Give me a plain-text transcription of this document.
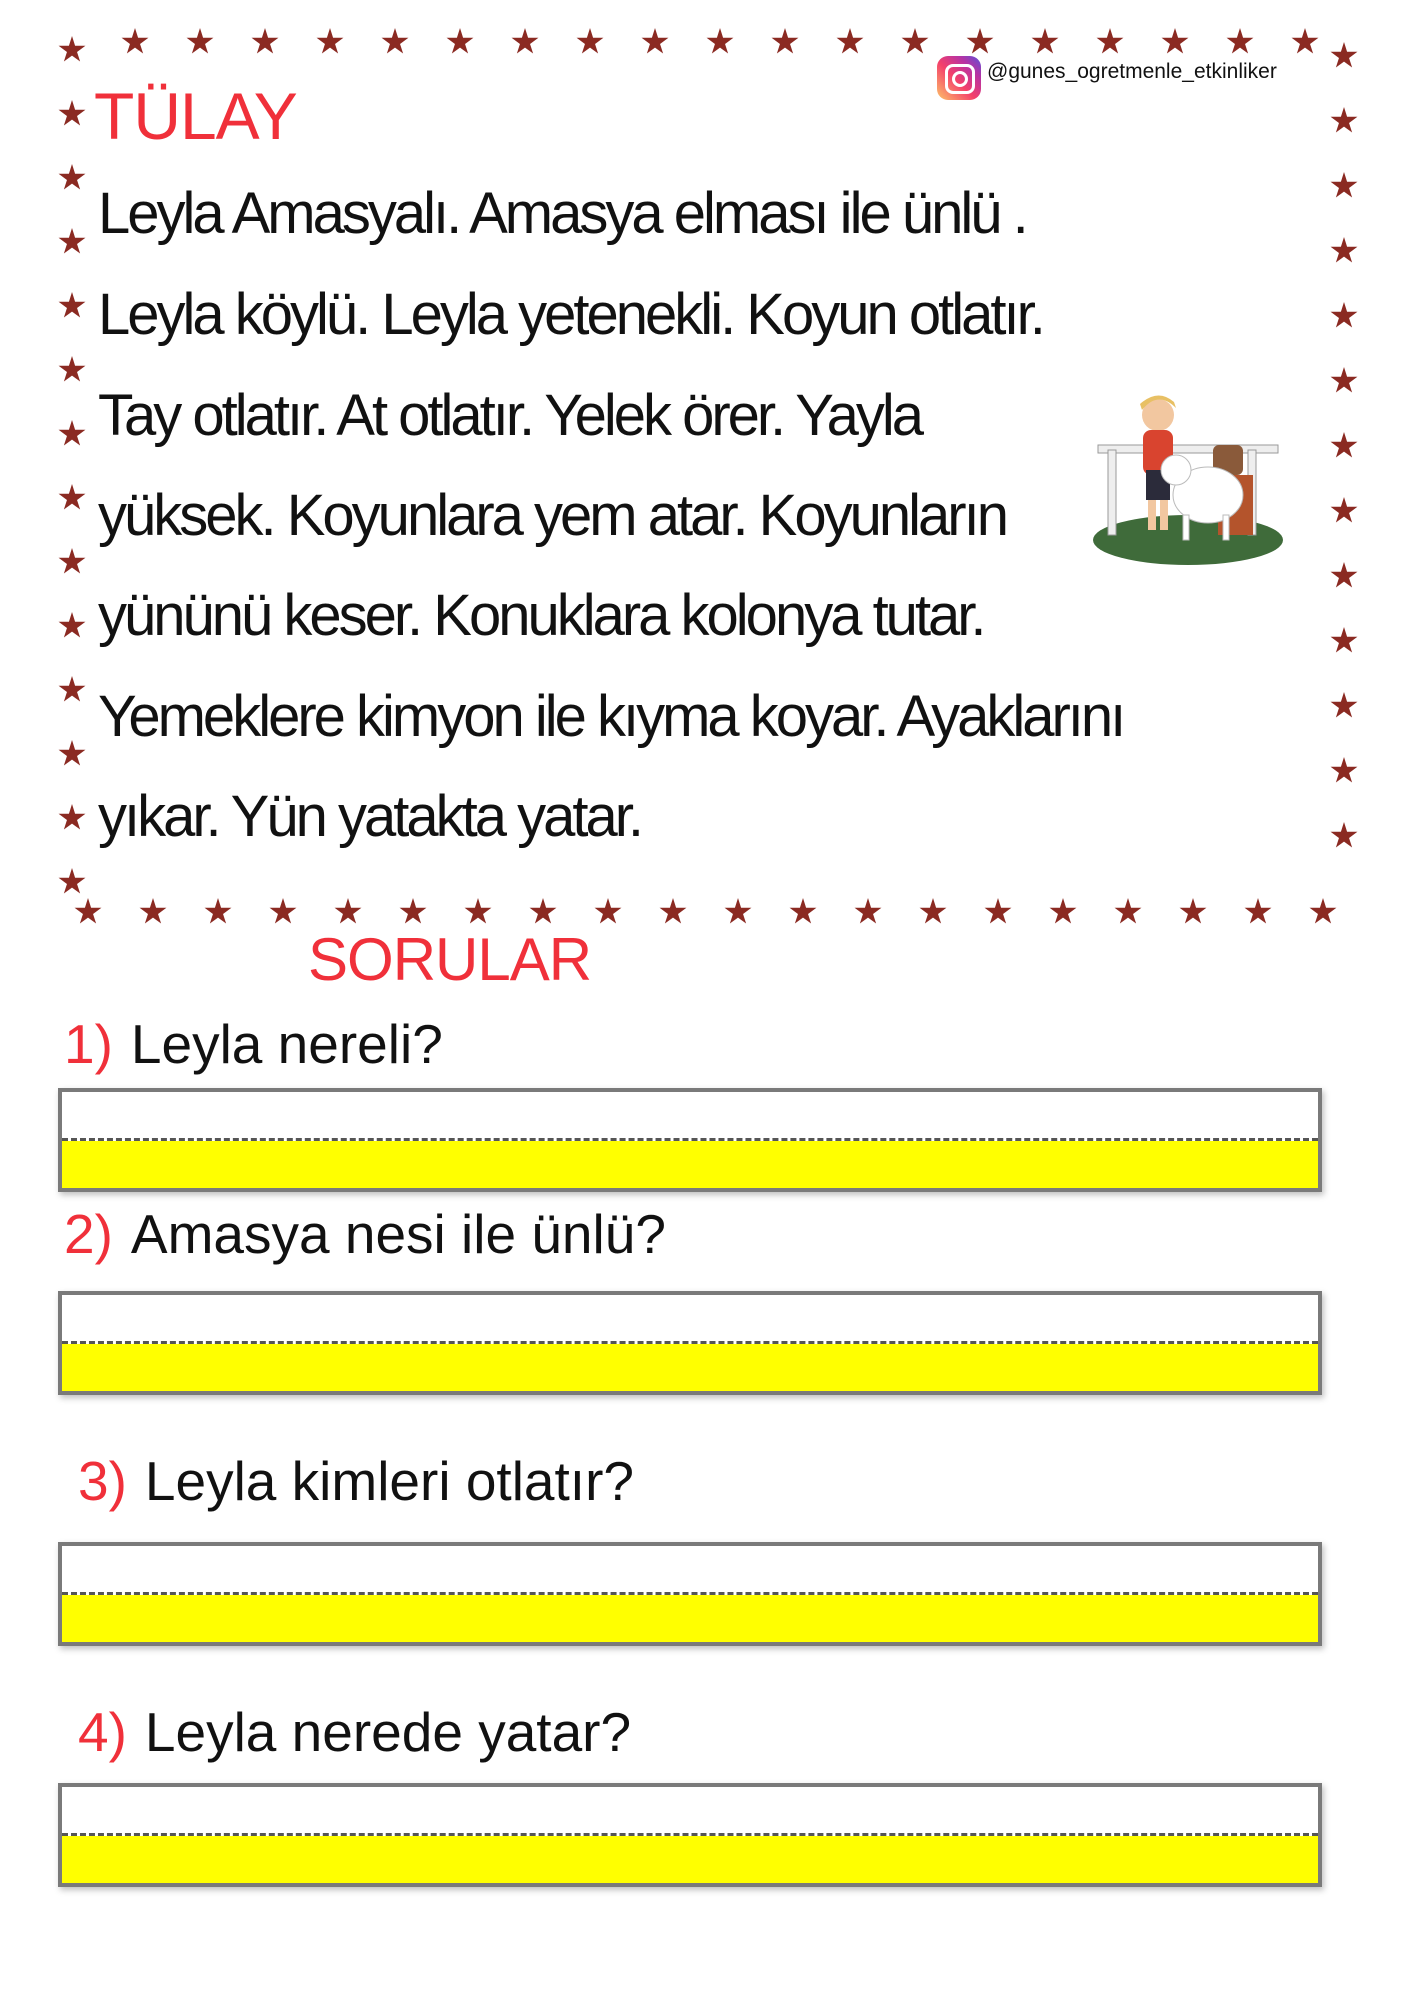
@gunes_ogretmenle_etkinliker
TÜLAY
Leyla Amasyalı. Amasya elması ile ünlü .
Leyla köylü. Leyla yetenekli. Koyun otlatır.
Tay otlatır. At otlatır. Yelek örer. Yayla
yüksek. Koyunlara yem atar. Koyunların
yününü keser. Konuklara kolonya tutar.
Yemeklere kimyon ile kıyma koyar. Ayaklarını
yıkar. Yün yatakta yatar.
SORULAR
1) Leyla nereli?
2) Amasya nesi ile ünlü?
3) Leyla kimleri otlatır?
4) Leyla nerede yatar?
